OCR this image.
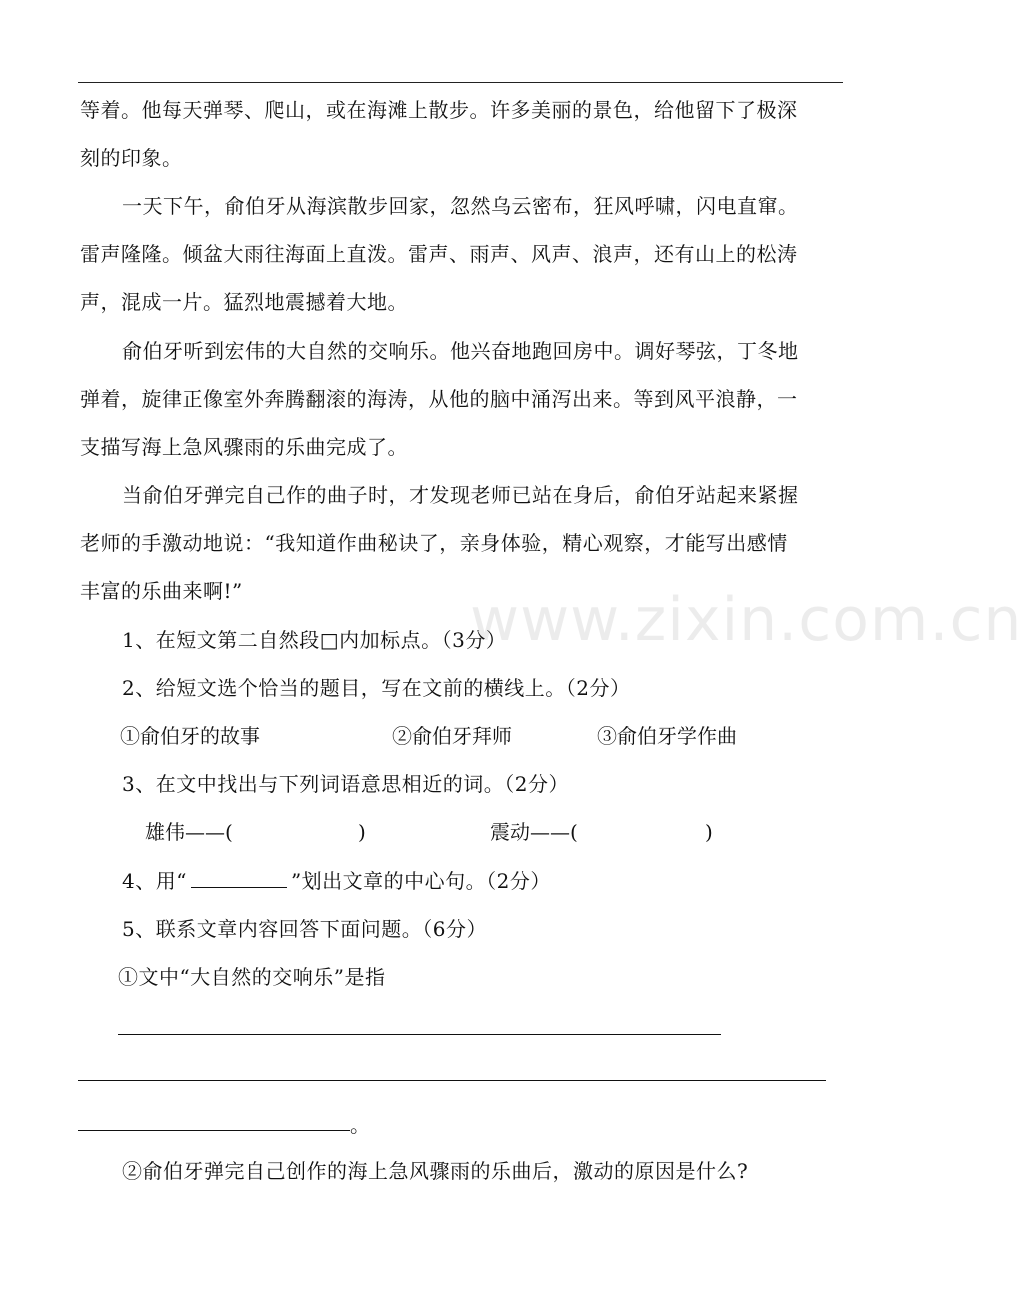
www.zixin.com.cn
等着。他每天弹琴、爬山，或在海滩上散步。许多美丽的景色，给他留下了极深
刻的印象。
一天下午，俞伯牙从海滨散步回家，忽然乌云密布，狂风呼啸，闪电直窜。
雷声隆隆。倾盆大雨往海面上直泼。雷声、雨声、风声、浪声，还有山上的松涛
声，混成一片。猛烈地震撼着大地。
俞伯牙听到宏伟的大自然的交响乐。他兴奋地跑回房中。调好琴弦，丁冬地
弹着，旋律正像室外奔腾翻滚的海涛，从他的脑中涌泻出来。等到风平浪静，一
支描写海上急风骤雨的乐曲完成了。
当俞伯牙弹完自己作的曲子时，才发现老师已站在身后，俞伯牙站起来紧握
老师的手激动地说：“我知道作曲秘诀了，亲身体验，精心观察，才能写出感情
丰富的乐曲来啊!”
1、在短文第二自然段□内加标点。（3分）
2、给短文选个恰当的题目，写在文前的横线上。（2分）
①俞伯牙的故事	②俞伯牙拜师	③俞伯牙学作曲
3、在文中找出与下列词语意思相近的词。（2分）
雄伟——(	)	震动——(	)
4、用“	”划出文章的中心句。（2分）
5、联系文章内容回答下面问题。（6分）
①文中“大自然的交响乐”是指
。
②俞伯牙弹完自己创作的海上急风骤雨的乐曲后，激动的原因是什么?
